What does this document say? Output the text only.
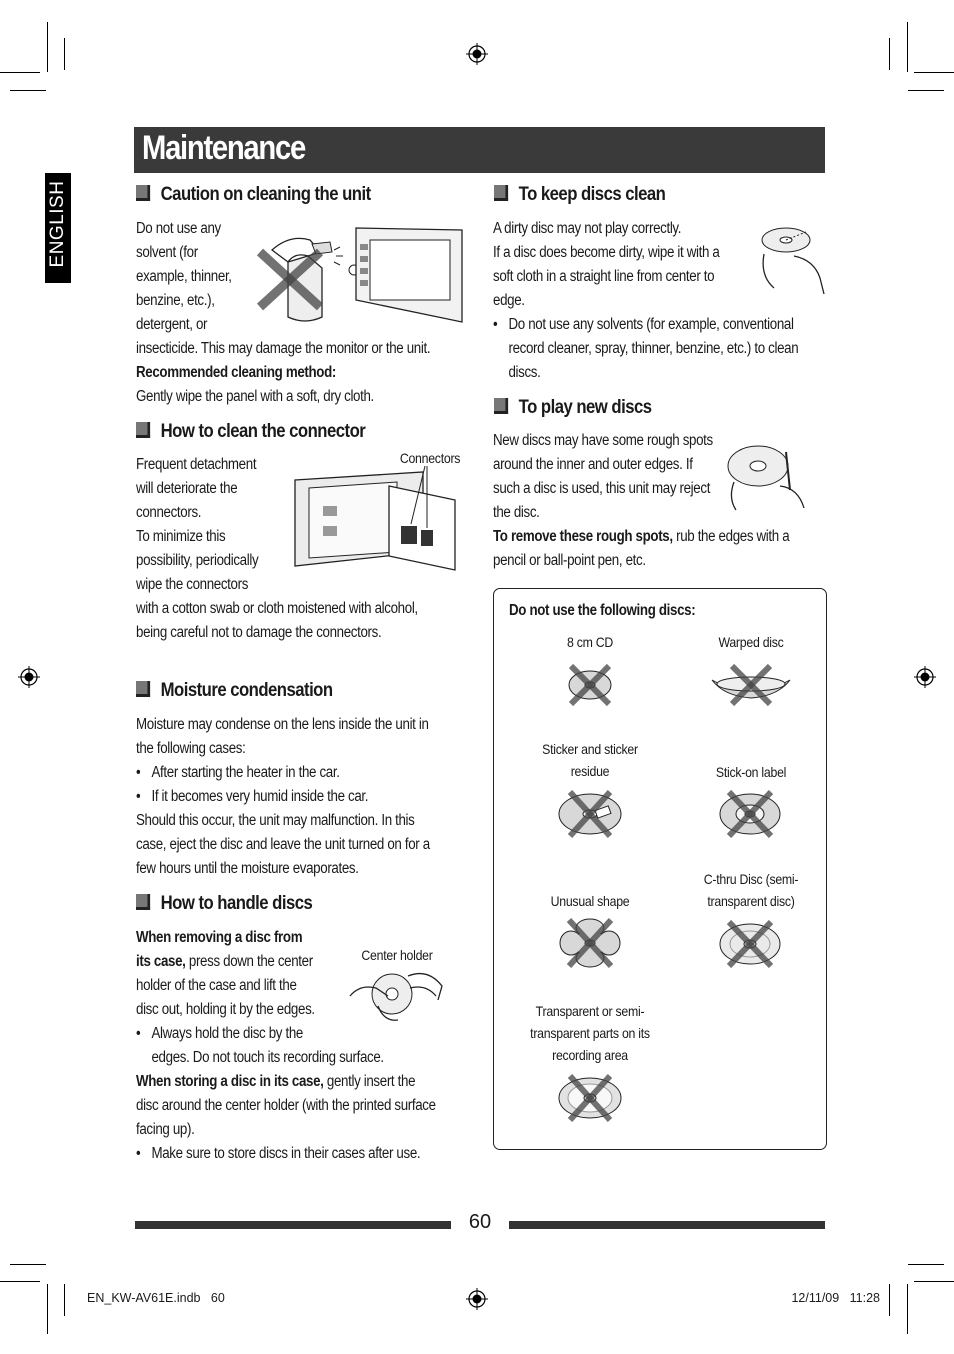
Maintenance
ENGLISH	Caution on cleaning the unit
Do not use any
solvent (for
example, thinner,
benzine, etc.),
detergent, or
insecticide. This may damage the monitor or the unit.
Recommended cleaning method:
Gently wipe the panel with a soft, dry cloth.
How to clean the connector
Frequent detachment
will deteriorate the
connectors.
To minimize this
possibility, periodically
wipe the connectors
with a cotton swab or cloth moistened with alcohol,
being careful not to damage the connectors.
Connectors
Moisture condensation
Moisture may condense on the lens inside the unit in
the following cases:
• After starting the heater in the car.
• If it becomes very humid inside the car.
Should this occur, the unit may malfunction. In this
case, eject the disc and leave the unit turned on for a
few hours until the moisture evaporates.
How to handle discs
When removing a disc from
its case, press down the center
holder of the case and lift the
disc out, holding it by the edges.
• Always hold the disc by the
edges. Do not touch its recording surface.
When storing a disc in its case, gently insert the
disc around the center holder (with the printed surface
facing up).
• Make sure to store discs in their cases after use.
Center holder
To keep discs clean
A dirty disc may not play correctly.
If a disc does become dirty, wipe it with a
soft cloth in a straight line from center to
edge.
• Do not use any solvents (for example, conventional
record cleaner, spray, thinner, benzine, etc.) to clean
discs.
To play new discs
New discs may have some rough spots
around the inner and outer edges. If
such a disc is used, this unit may reject
the disc.
To remove these rough spots, rub the edges with a
pencil or ball-point pen, etc.
Do not use the following discs:
8 cm CD	Warped disc
Sticker and sticker
residue	Stick-on label
Unusual shape
C-thru Disc (semi-
transparent disc)
Transparent or semi-
transparent parts on its
recording area
60
EN_KW-AV61E.indb   60	12/11/09   11:28
